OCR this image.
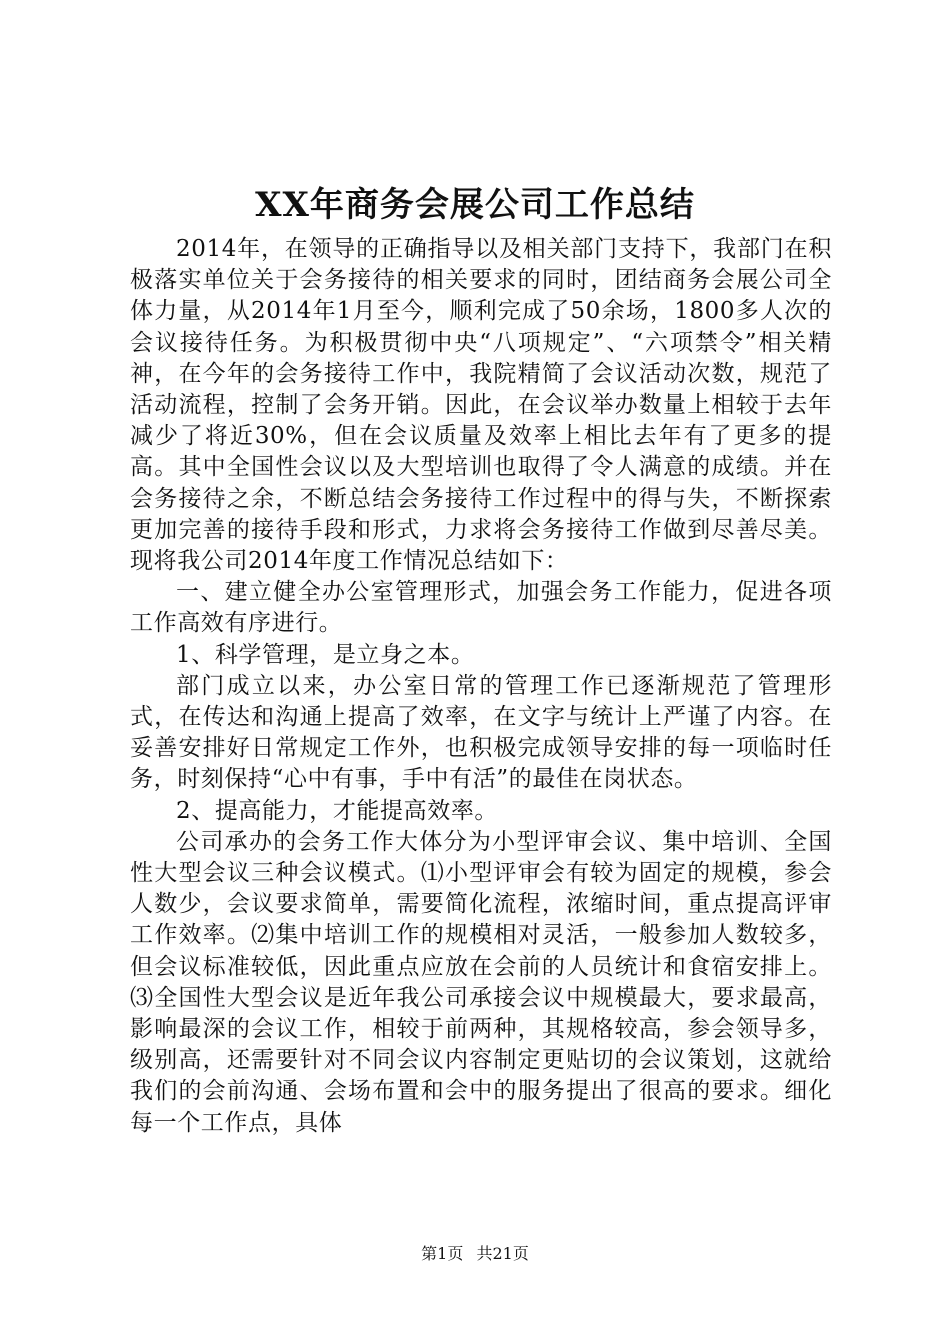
XX年商务会展公司工作总结

2014年，在领导的正确指导以及相关部门支持下，我部门在积极落实单位关于会务接待的相关要求的同时，团结商务会展公司全体力量，从2014年1月至今，顺利完成了50余场，1800多人次的会议接待任务。为积极贯彻中央“八项规定”、“六项禁令”相关精神，在今年的会务接待工作中，我院精简了会议活动次数，规范了活动流程，控制了会务开销。因此，在会议举办数量上相较于去年减少了将近30%，但在会议质量及效率上相比去年有了更多的提高。其中全国性会议以及大型培训也取得了令人满意的成绩。并在会务接待之余，不断总结会务接待工作过程中的得与失，不断探索更加完善的接待手段和形式，力求将会务接待工作做到尽善尽美。现将我公司2014年度工作情况总结如下：

一、建立健全办公室管理形式，加强会务工作能力，促进各项工作高效有序进行。

1、科学管理，是立身之本。

部门成立以来，办公室日常的管理工作已逐渐规范了管理形式，在传达和沟通上提高了效率，在文字与统计上严谨了内容。在妥善安排好日常规定工作外，也积极完成领导安排的每一项临时任务，时刻保持“心中有事，手中有活”的最佳在岗状态。

2、提高能力，才能提高效率。

公司承办的会务工作大体分为小型评审会议、集中培训、全国性大型会议三种会议模式。⑴小型评审会有较为固定的规模，参会人数少，会议要求简单，需要简化流程，浓缩时间，重点提高评审工作效率。⑵集中培训工作的规模相对灵活，一般参加人数较多，但会议标准较低，因此重点应放在会前的人员统计和食宿安排上。⑶全国性大型会议是近年我公司承接会议中规模最大，要求最高，影响最深的会议工作，相较于前两种，其规格较高，参会领导多，级别高，还需要针对不同会议内容制定更贴切的会议策划，这就给我们的会前沟通、会场布置和会中的服务提出了很高的要求。细化每一个工作点，具体

第1页 共21页
